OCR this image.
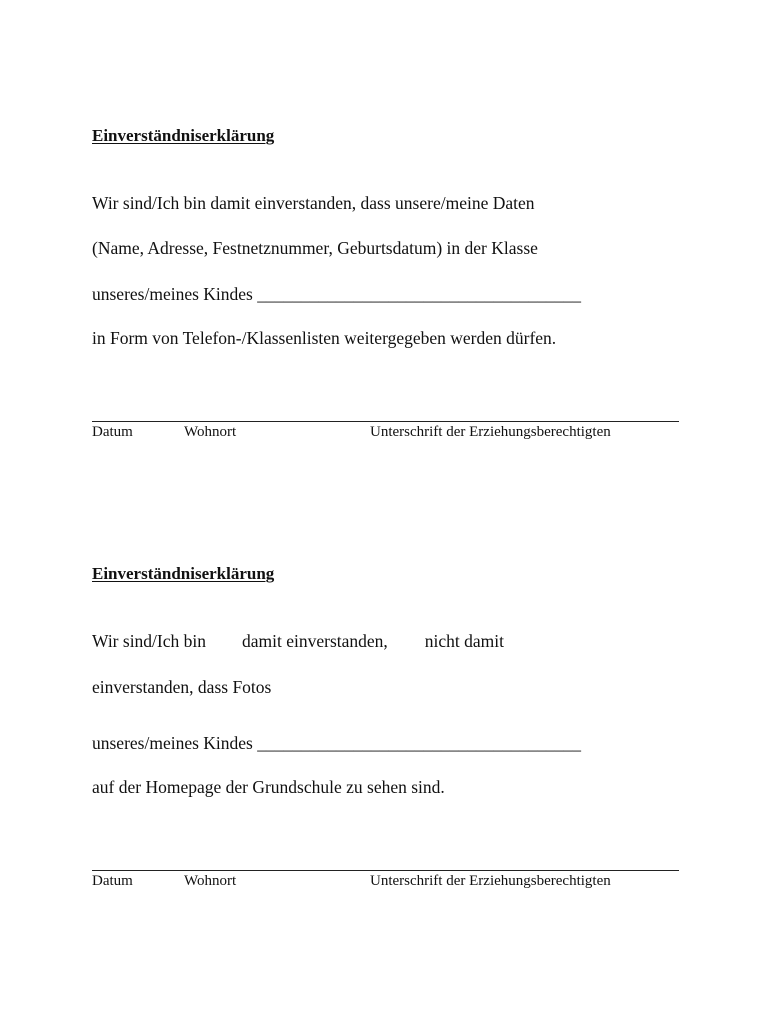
Einverständniserklärung
Wir sind/Ich bin damit einverstanden, dass unsere/meine Daten
(Name, Adresse, Festnetznummer, Geburtsdatum) in der Klasse
unseres/meines Kindes _____________________________________
in Form von Telefon-/Klassenlisten weitergegeben werden dürfen.
Datum	Wohnort	Unterschrift der Erziehungsberechtigten
Einverständniserklärung
Wir sind/Ich bin damit einverstanden, nicht damit
einverstanden, dass Fotos
unseres/meines Kindes _____________________________________
auf der Homepage der Grundschule zu sehen sind.
Datum	Wohnort	Unterschrift der Erziehungsberechtigten
